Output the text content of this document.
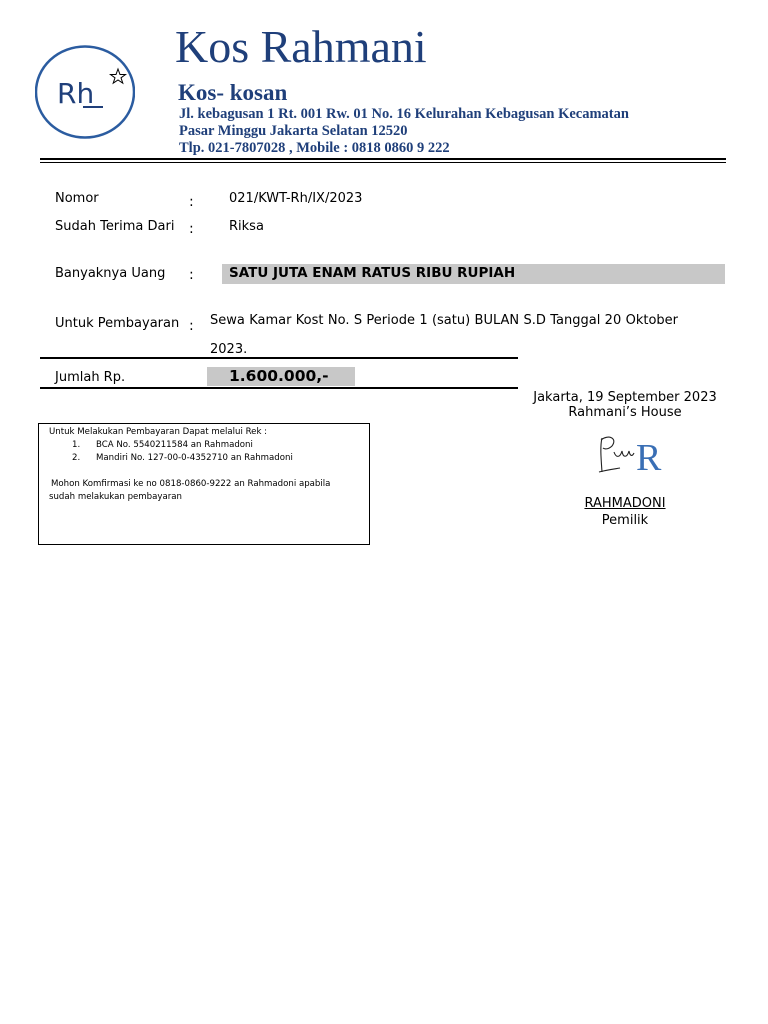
Rh
Kos Rahmani
Kos- kosan
Jl. kebagusan 1 Rt. 001 Rw. 01 No. 16 Kelurahan Kebagusan Kecamatan
Pasar Minggu Jakarta Selatan 12520
Tlp. 021-7807028 , Mobile : 0818 0860 9 222
Nomor	:	021/KWT-Rh/IX/2023
Sudah Terima Dari :	Riksa
Banyaknya Uang :	SATU JUTA ENAM RATUS RIBU RUPIAH
Untuk Pembayaran : Sewa Kamar Kost No. S Periode 1 (satu) BULAN S.D Tanggal 20 Oktober 2023.
Jumlah Rp.	1.600.000,-
Untuk Melakukan Pembayaran Dapat melalui Rek :
1. BCA No. 5540211584 an Rahmadoni
2. Mandiri No. 127-00-0-4352710 an Rahmadoni
Mohon Komfirmasi ke no 0818-0860-9222 an Rahmadoni apabila
sudah melakukan pembayaran
Jakarta, 19 September 2023
Rahmani’s House
R
RAHMADONI
Pemilik
